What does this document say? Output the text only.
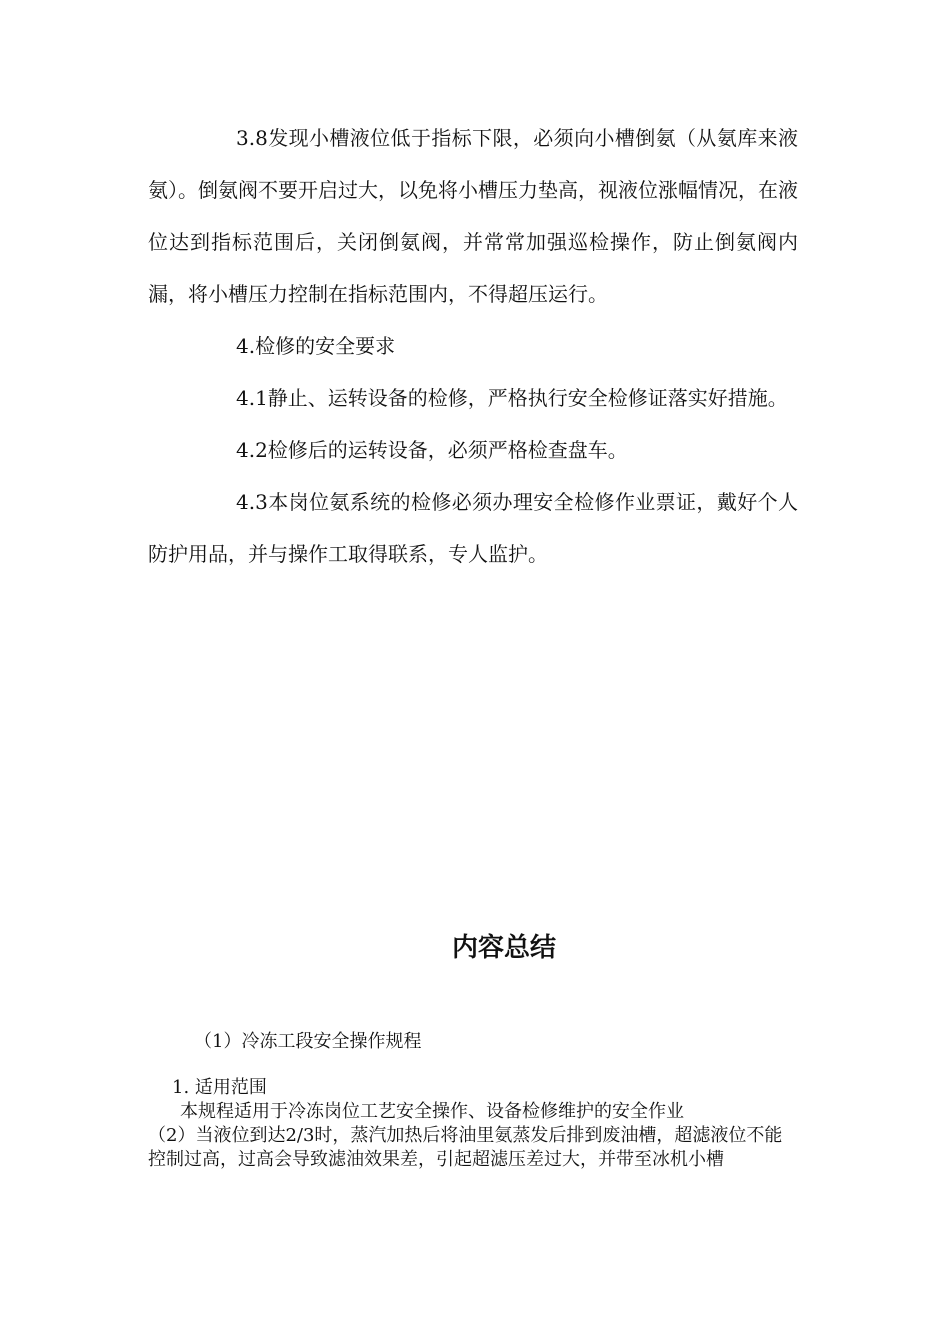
3.8发现小槽液位低于指标下限，必须向小槽倒氨（从氨库来液氨）。倒氨阀不要开启过大，以免将小槽压力垫高，视液位涨幅情况，在液位达到指标范围后，关闭倒氨阀，并常常加强巡检操作，防止倒氨阀内漏，将小槽压力控制在指标范围内，不得超压运行。

4.检修的安全要求

4.1静止、运转设备的检修，严格执行安全检修证落实好措施。

4.2检修后的运转设备，必须严格检查盘车。

4.3本岗位氨系统的检修必须办理安全检修作业票证，戴好个人防护用品，并与操作工取得联系，专人监护。

内容总结

（1）冷冻工段安全操作规程

1. 适用范围

本规程适用于冷冻岗位工艺安全操作、设备检修维护的安全作业

（2）当液位到达2/3时，蒸汽加热后将油里氨蒸发后排到废油槽，超滤液位不能控制过高，过高会导致滤油效果差，引起超滤压差过大，并带至冰机小槽
